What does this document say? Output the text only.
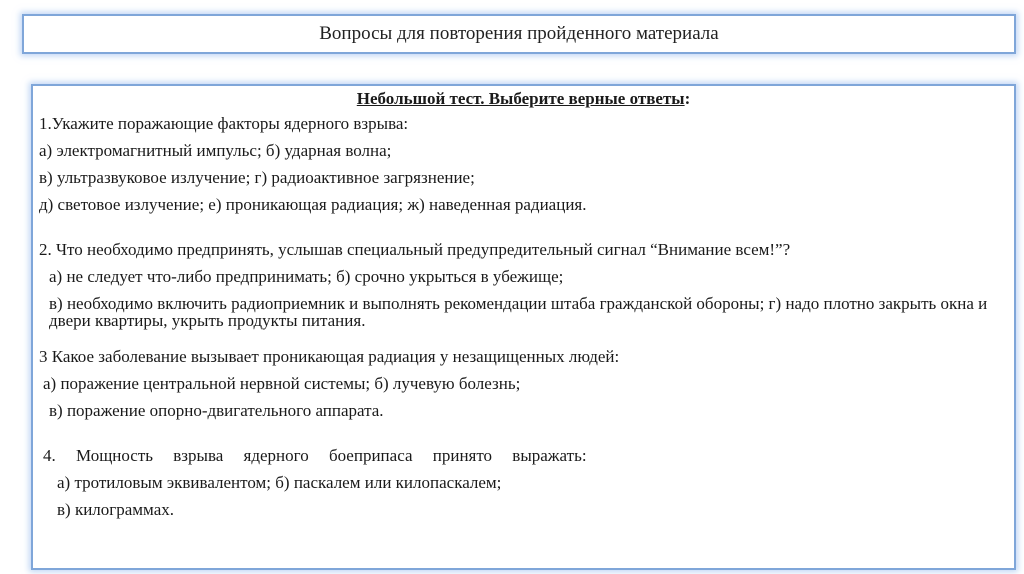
Вопросы для повторения пройденного материала
Небольшой тест. Выберите верные ответы:
1.Укажите поражающие факторы ядерного взрыва:
а) электромагнитный импульс; б) ударная волна;
в) ультразвуковое излучение; г) радиоактивное загрязнение;
д) световое излучение; е) проникающая радиация; ж) наведенная радиация.
2. Что необходимо предпринять, услышав специальный предупредительный сигнал “Внимание всем!”?
а) не следует что-либо предпринимать; б) срочно укрыться в убежище;
в) необходимо включить радиоприемник и выполнять рекомендации штаба гражданской обороны; г) надо плотно закрыть окна и двери квартиры, укрыть продукты питания.
3 Какое заболевание вызывает проникающая радиация у незащищенных людей:
а) поражение центральной нервной системы; б) лучевую болезнь;
в) поражение опорно-двигательного аппарата.
4. Мощность взрыва ядерного боеприпаса принято выражать:
а) тротиловым эквивалентом; б) паскалем или килопаскалем;
в) килограммах.
